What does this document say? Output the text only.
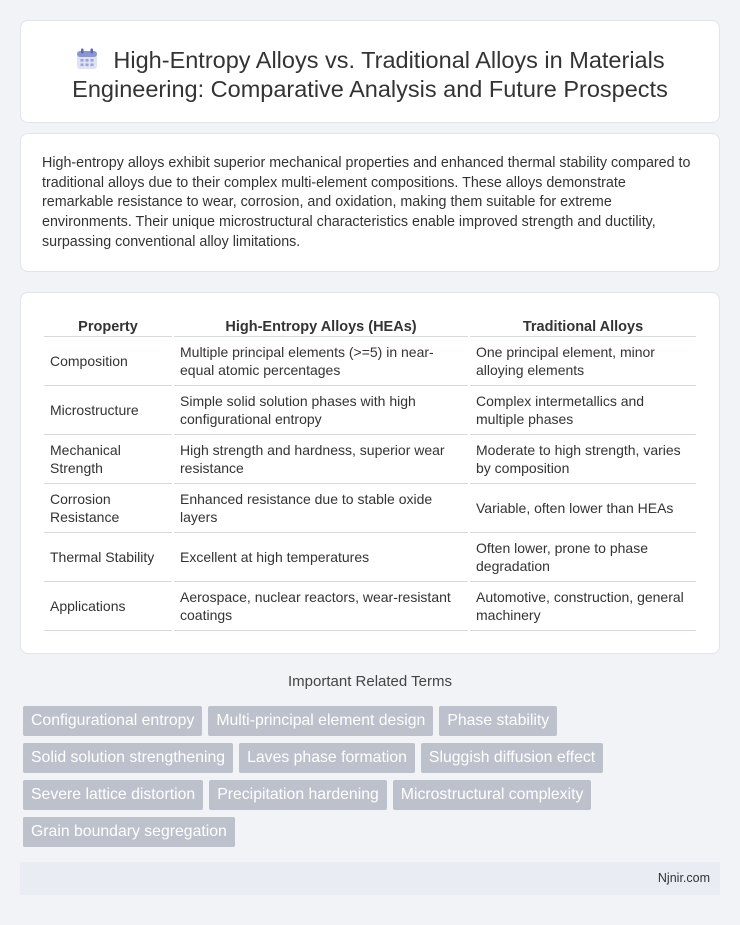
High-Entropy Alloys vs. Traditional Alloys in Materials
Engineering: Comparative Analysis and Future Prospects

High-entropy alloys exhibit superior mechanical properties and enhanced thermal stability compared to traditional alloys due to their complex multi-element compositions. These alloys demonstrate remarkable resistance to wear, corrosion, and oxidation, making them suitable for extreme environments. Their unique microstructural characteristics enable improved strength and ductility, surpassing conventional alloy limitations.

Property	High-Entropy Alloys (HEAs)	Traditional Alloys
Composition	Multiple principal elements (>=5) in near-equal atomic percentages	One principal element, minor alloying elements
Microstructure	Simple solid solution phases with high configurational entropy	Complex intermetallics and multiple phases
Mechanical Strength	High strength and hardness, superior wear resistance	Moderate to high strength, varies by composition
Corrosion Resistance	Enhanced resistance due to stable oxide layers	Variable, often lower than HEAs
Thermal Stability	Excellent at high temperatures	Often lower, prone to phase degradation
Applications	Aerospace, nuclear reactors, wear-resistant coatings	Automotive, construction, general machinery
Important Related Terms
Configurational entropy	Multi-principal element design	Phase stability
Solid solution strengthening	Laves phase formation	Sluggish diffusion effect
Severe lattice distortion	Precipitation hardening	Microstructural complexity
Grain boundary segregation
Njnir.com
